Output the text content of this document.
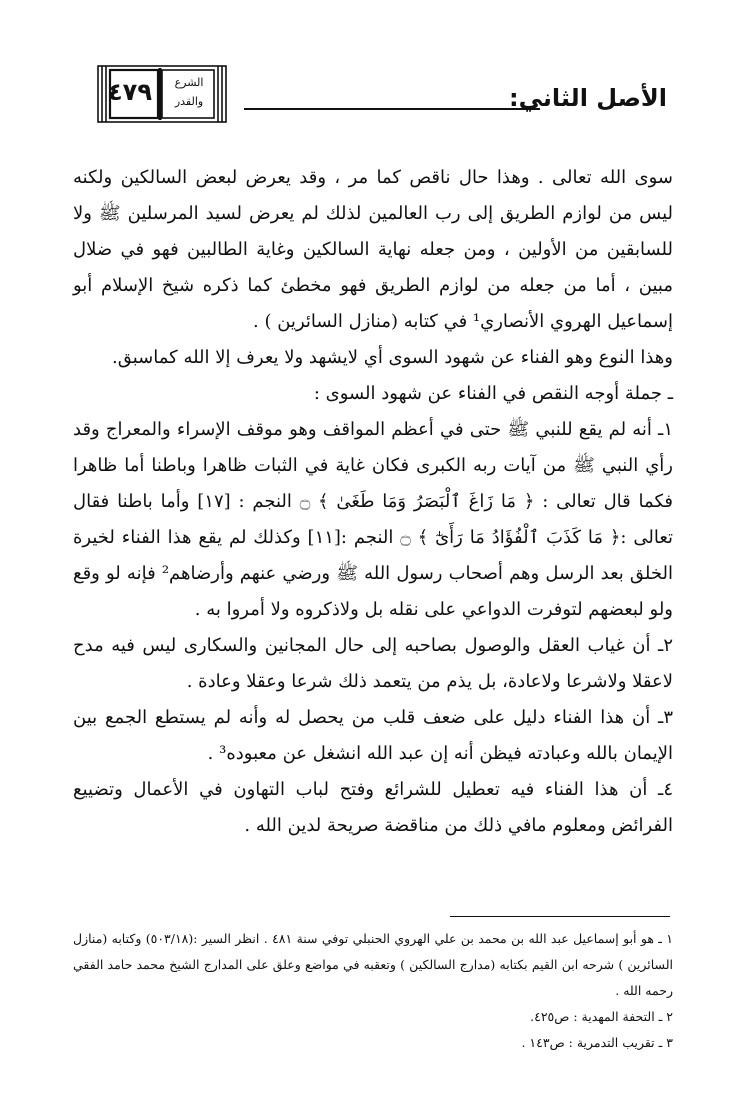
الأصل الثاني:
٤٧٩	الشرع
والقدر

سوى الله تعالى . وهذا حال ناقص كما مر ، وقد يعرض لبعض السالكين ولكنه ليس من لوازم الطريق إلى رب العالمين لذلك لم يعرض لسيد المرسلين ﷺ ولا للسابقين من الأولين ، ومن جعله نهاية السالكين وغاية الطالبين فهو في ضلال مبين ، أما من جعله من لوازم الطريق فهو مخطئ كما ذكره شيخ الإسلام أبو إسماعيل الهروي الأنصاري¹ في كتابه (منازل السائرين ) .

وهذا النوع وهو الفناء عن شهود السوى أي لايشهد ولا يعرف إلا الله كماسبق.

ـ جملة أوجه النقص في الفناء عن شهود السوى :

١ـ أنه لم يقع للنبي ﷺ حتى في أعظم المواقف وهو موقف الإسراء والمعراج وقد رأي النبي ﷺ من آيات ربه الكبرى فكان غاية في الثبات ظاهرا وباطنا أما ظاهرا فكما قال تعالى : ﴿ مَا زَاغَ ٱلْبَصَرُ وَمَا طَغَىٰ ﴾ ۝ النجم : [١٧] وأما باطنا فقال تعالى :﴿ مَا كَذَبَ ٱلْفُؤَادُ مَا رَأَىٰٓ ﴾ ۝ النجم :[١١] وكذلك لم يقع هذا الفناء لخيرة الخلق بعد الرسل وهم أصحاب رسول الله ﷺ ورضي عنهم وأرضاهم² فإنه لو وقع ولو لبعضهم لتوفرت الدواعي على نقله بل ولاذكروه ولا أمروا به .

٢ـ أن غياب العقل والوصول بصاحبه إلى حال المجانين والسكارى ليس فيه مدح لاعقلا ولاشرعا ولاعادة، بل يذم من يتعمد ذلك شرعا وعقلا وعادة .

٣ـ أن هذا الفناء دليل على ضعف قلب من يحصل له وأنه لم يستطع الجمع بين الإيمان بالله وعبادته فيظن أنه إن عبد الله انشغل عن معبوده³ .

٤ـ أن هذا الفناء فيه تعطيل للشرائع وفتح لباب التهاون في الأعمال وتضييع الفرائض ومعلوم مافي ذلك من مناقضة صريحة لدين الله .

١ ـ هو أبو إسماعيل عبد الله بن محمد بن علي الهروي الحنبلي توفي سنة ٤٨١ . انظر السير :(٥٠٣/١٨) وكتابه (منازل السائرين ) شرحه ابن القيم بكتابه (مدارج السالكين ) وتعقبه في مواضع وعلق على المدارج الشيخ محمد حامد الفقي رحمه الله .

٢ ـ التحفة المهدية : ص٤٢٥.

٣ ـ تقريب التدمرية : ص١٤٣ .
